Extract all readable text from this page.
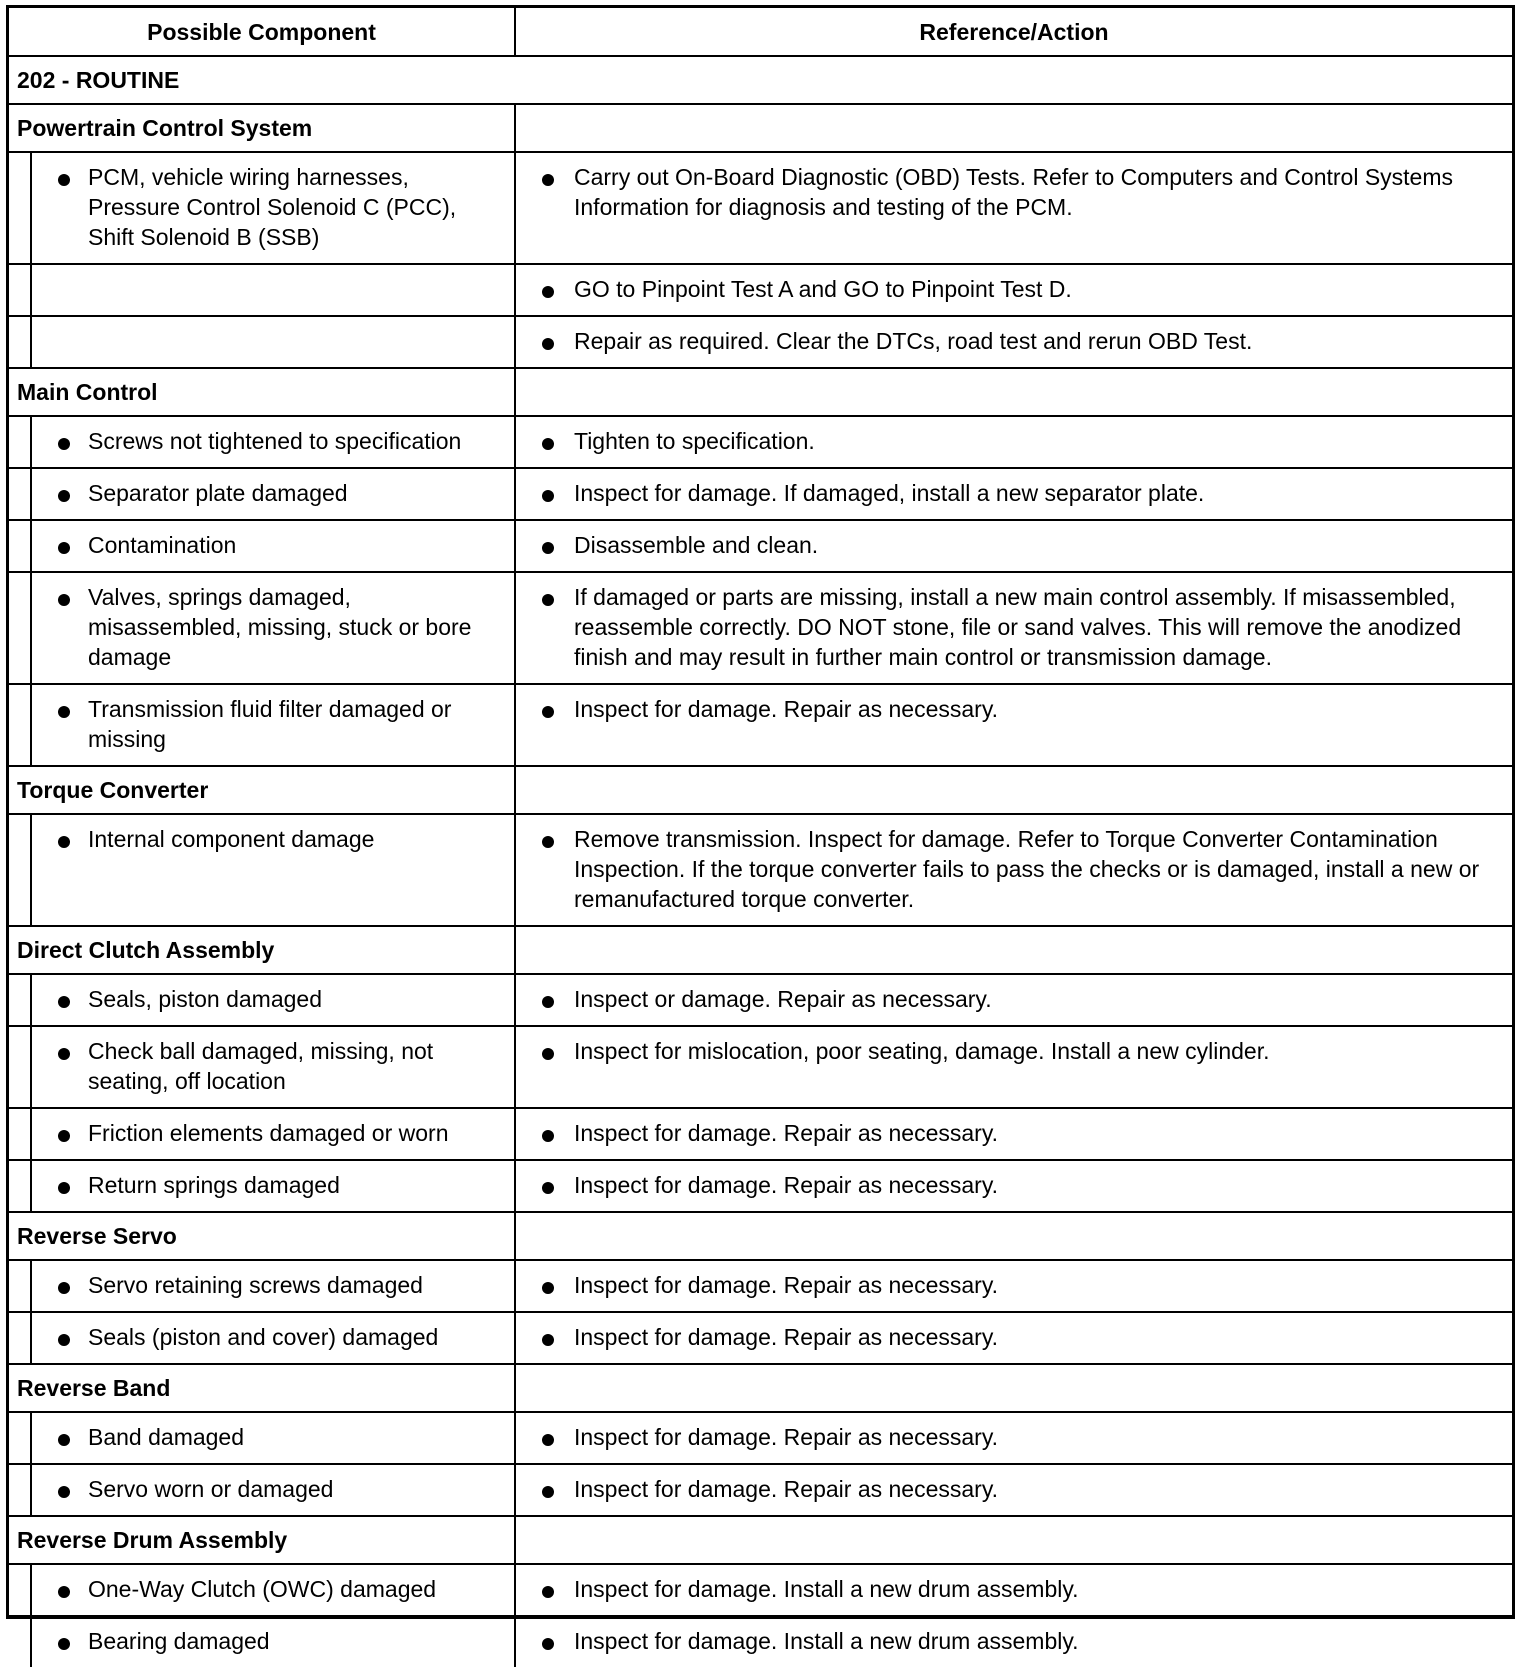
Possible Component		Reference/Action

202 - ROUTINE		

Powertrain Control System		

	PCM, vehicle wiring harnesses, Pressure Control Solenoid C (PCC), Shift Solenoid B (SSB)	Carry out On-Board Diagnostic (OBD) Tests. Refer to Computers and Control Systems Information for diagnosis and testing of the PCM.

		GO to Pinpoint Test A and GO to Pinpoint Test D.

		Repair as required. Clear the DTCs, road test and rerun OBD Test.

Main Control		

	Screws not tightened to specification	Tighten to specification.

	Separator plate damaged	Inspect for damage. If damaged, install a new separator plate.

	Contamination	Disassemble and clean.

	Valves, springs damaged, misassembled, missing, stuck or bore damage	If damaged or parts are missing, install a new main control assembly. If misassembled, reassemble correctly. DO NOT stone, file or sand valves. This will remove the anodized finish and may result in further main control or transmission damage.

	Transmission fluid filter damaged or missing	Inspect for damage. Repair as necessary.

Torque Converter		

	Internal component damage	Remove transmission. Inspect for damage. Refer to Torque Converter Contamination Inspection. If the torque converter fails to pass the checks or is damaged, install a new or remanufactured torque converter.

Direct Clutch Assembly		

	Seals, piston damaged	Inspect or damage. Repair as necessary.

	Check ball damaged, missing, not seating, off location	Inspect for mislocation, poor seating, damage. Install a new cylinder.

	Friction elements damaged or worn	Inspect for damage. Repair as necessary.

	Return springs damaged	Inspect for damage. Repair as necessary.

Reverse Servo		

	Servo retaining screws damaged	Inspect for damage. Repair as necessary.

	Seals (piston and cover) damaged	Inspect for damage. Repair as necessary.

Reverse Band		

	Band damaged	Inspect for damage. Repair as necessary.

	Servo worn or damaged	Inspect for damage. Repair as necessary.

Reverse Drum Assembly		

	One-Way Clutch (OWC) damaged	Inspect for damage. Install a new drum assembly.

	Bearing damaged	Inspect for damage. Install a new drum assembly.
